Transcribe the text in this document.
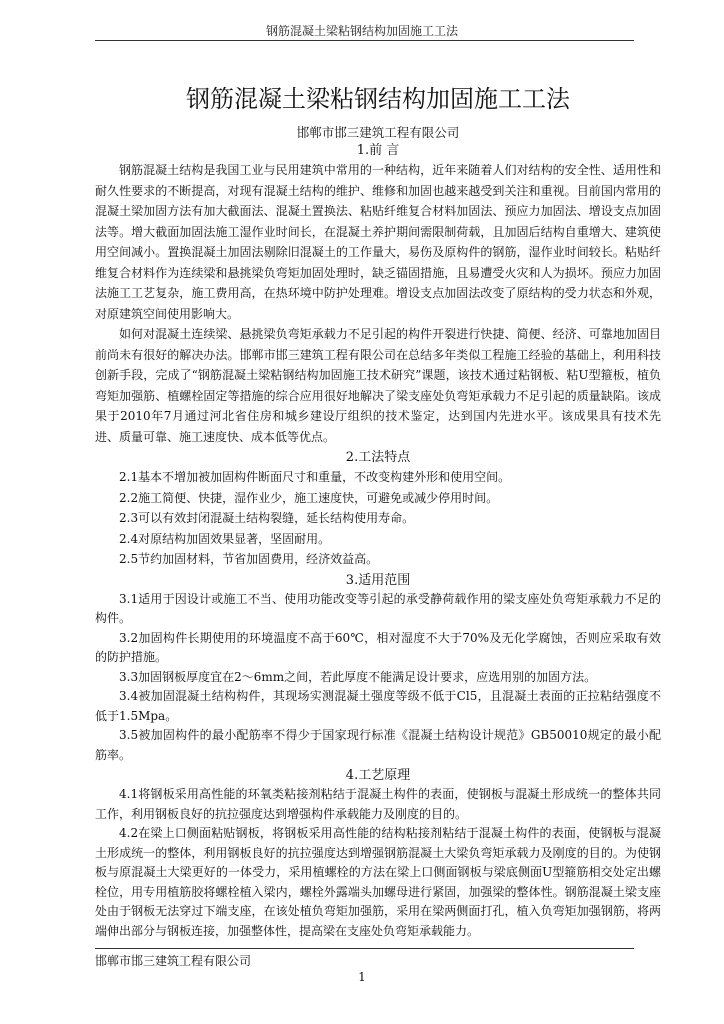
钢筋混凝土梁粘钢结构加固施工工法
钢筋混凝土梁粘钢结构加固施工工法
邯郸市邯三建筑工程有限公司
1.前 言

钢筋混凝土结构是我国工业与民用建筑中常用的一种结构，近年来随着人们对结构的安全性、适用性和耐久性要求的不断提高，对现有混凝土结构的维护、维修和加固也越来越受到关注和重视。目前国内常用的混凝土梁加固方法有加大截面法、混凝土置换法、粘贴纤维复合材料加固法、预应力加固法、增设支点加固法等。增大截面加固法施工湿作业时间长，在混凝土养护期间需限制荷载，且加固后结构自重增大、建筑使用空间减小。置换混凝土加固法剔除旧混凝土的工作量大，易伤及原构件的钢筋，湿作业时间较长。粘贴纤维复合材料作为连续梁和悬挑梁负弯矩加固处理时，缺乏锚固措施，且易遭受火灾和人为损坏。预应力加固法施工工艺复杂，施工费用高，在热环境中防护处理难。增设支点加固法改变了原结构的受力状态和外观，对原建筑空间使用影响大。

如何对混凝土连续梁、悬挑梁负弯矩承载力不足引起的构件开裂进行快捷、简便、经济、可靠地加固目前尚未有很好的解决办法。邯郸市邯三建筑工程有限公司在总结多年类似工程施工经验的基础上，利用科技创新手段，完成了“钢筋混凝土梁粘钢结构加固施工技术研究”课题，该技术通过粘钢板、粘U型箍板，植负弯矩加强筋、植螺栓固定等措施的综合应用很好地解决了梁支座处负弯矩承载力不足引起的质量缺陷。该成果于2010年7月通过河北省住房和城乡建设厅组织的技术鉴定，达到国内先进水平。该成果具有技术先进、质量可靠、施工速度快、成本低等优点。

2.工法特点

2.1基本不增加被加固构件断面尺寸和重量，不改变构建外形和使用空间。

2.2施工简便、快捷，湿作业少，施工速度快，可避免或减少停用时间。

2.3可以有效封闭混凝土结构裂缝，延长结构使用寿命。

2.4对原结构加固效果显著，坚固耐用。

2.5节约加固材料，节省加固费用，经济效益高。

3.适用范围

3.1适用于因设计或施工不当、使用功能改变等引起的承受静荷载作用的梁支座处负弯矩承载力不足的构件。

3.2加固构件长期使用的环境温度不高于60℃，相对湿度不大于70%及无化学腐蚀，否则应采取有效的防护措施。

3.3加固钢板厚度宜在2～6mm之间，若此厚度不能满足设计要求，应选用别的加固方法。

3.4被加固混凝土结构构件，其现场实测混凝土强度等级不低于Cl5，且混凝土表面的正拉粘结强度不低于1.5Mpa。

3.5被加固构件的最小配筋率不得少于国家现行标准《混凝土结构设计规范》GB50010规定的最小配筋率。

4.工艺原理

4.1将钢板采用高性能的环氧类粘接剂粘结于混凝土构件的表面，使钢板与混凝土形成统一的整体共同工作，利用钢板良好的抗拉强度达到增强构件承载能力及刚度的目的。

4.2在梁上口侧面粘贴钢板，将钢板采用高性能的结构粘接剂粘结于混凝土构件的表面，使钢板与混凝土形成统一的整体，利用钢板良好的抗拉强度达到增强钢筋混凝土大梁负弯矩承载力及刚度的目的。为使钢板与原混凝土大梁更好的一体受力，采用植螺栓的方法在梁上口侧面钢板与梁底侧面U型箍筋相交处定出螺栓位，用专用植筋胶将螺栓植入梁内，螺栓外露端头加螺母进行紧固，加强梁的整体性。钢筋混凝土梁支座处由于钢板无法穿过下端支座，在该处植负弯矩加强筋，采用在梁两侧面打孔，植入负弯矩加强钢筋，将两端伸出部分与钢板连接，加强整体性，提高梁在支座处负弯矩承载能力。

邯郸市邯三建筑工程有限公司
1
